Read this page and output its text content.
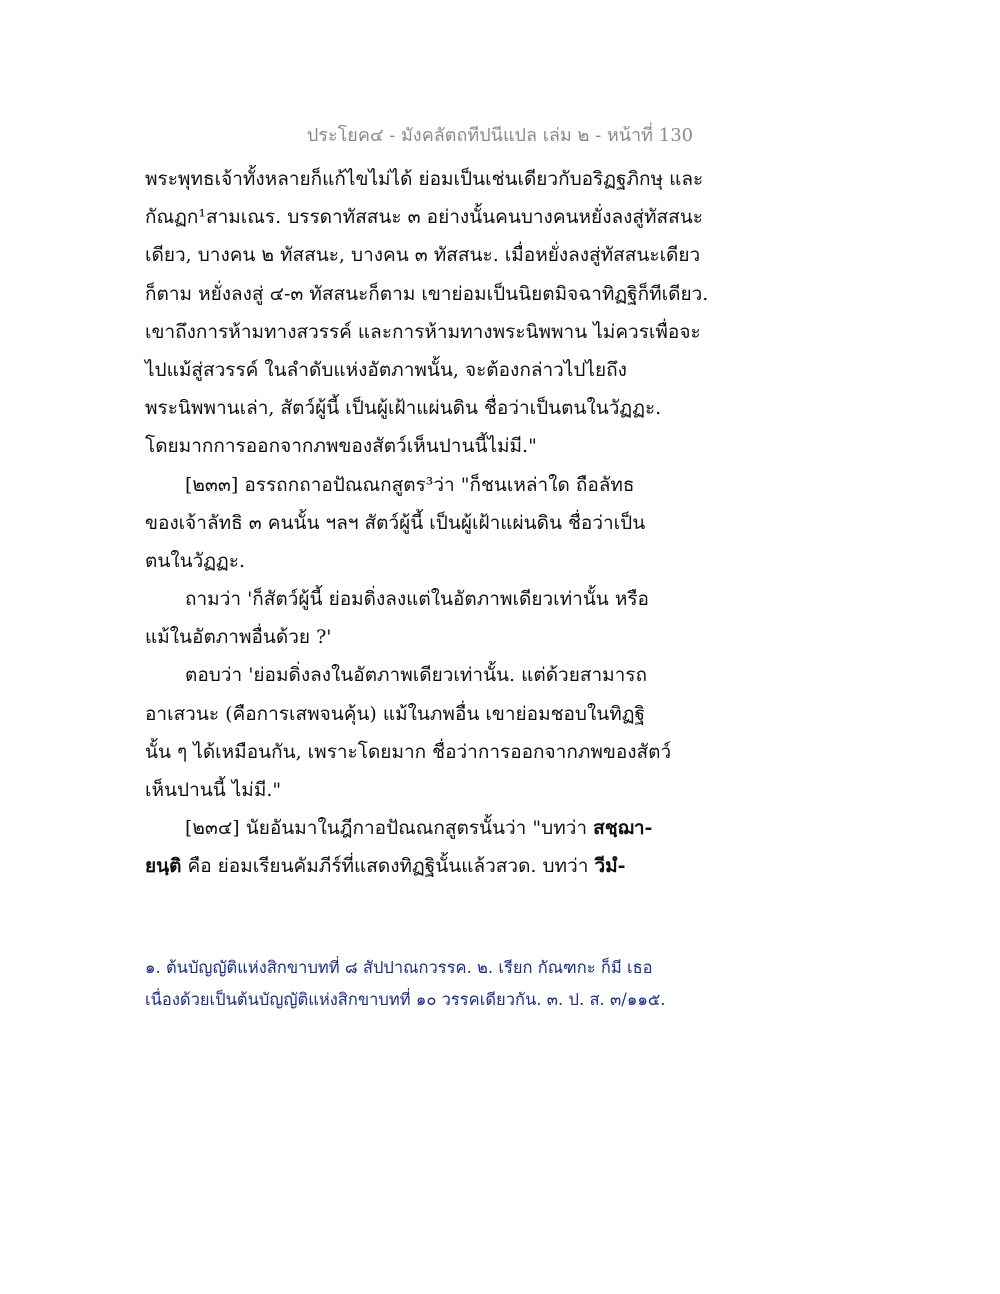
ประโยค๔ - มังคลัตถทีปนีแปล เล่ม ๒ - หน้าที่ 130
พระพุทธเจ้าทั้งหลายก็แก้ไขไม่ได้ ย่อมเป็นเช่นเดียวกับอริฏฐภิกษุ และ
กัณฏก¹สามเณร. บรรดาทัสสนะ ๓ อย่างนั้นคนบางคนหยั่งลงสู่ทัสสนะ
เดียว, บางคน ๒ ทัสสนะ, บางคน ๓ ทัสสนะ. เมื่อหยั่งลงสู่ทัสสนะเดียว
ก็ตาม หยั่งลงสู่ ๔-๓ ทัสสนะก็ตาม เขาย่อมเป็นนิยตมิจฉาทิฏฐิก็ทีเดียว.
เขาถึงการห้ามทางสวรรค์ และการห้ามทางพระนิพพาน ไม่ควรเพื่อจะ
ไปแม้สู่สวรรค์ ในลำดับแห่งอัตภาพนั้น, จะต้องกล่าวไปไยถึง
พระนิพพานเล่า, สัตว์ผู้นี้ เป็นผู้เฝ้าแผ่นดิน ชื่อว่าเป็นตนในวัฏฏะ.
โดยมากการออกจากภพของสัตว์เห็นปานนี้ไม่มี."
[๒๓๓] อรรถกถาอปัณณกสูตร³ว่า "ก็ชนเหล่าใด ถือลัทธ
ของเจ้าลัทธิ ๓ คนนั้น ฯลฯ สัตว์ผู้นี้ เป็นผู้เฝ้าแผ่นดิน ชื่อว่าเป็น
ตนในวัฏฏะ.
ถามว่า 'ก็สัตว์ผู้นี้ ย่อมดิ่งลงแต่ในอัตภาพเดียวเท่านั้น หรือ
แม้ในอัตภาพอื่นด้วย ?'
ตอบว่า 'ย่อมดิ่งลงในอัตภาพเดียวเท่านั้น. แต่ด้วยสามารถ
อาเสวนะ (คือการเสพจนคุ้น) แม้ในภพอื่น เขาย่อมชอบในทิฏฐิ
นั้น ๆ ได้เหมือนกัน, เพราะโดยมาก ชื่อว่าการออกจากภพของสัตว์
เห็นปานนี้ ไม่มี."
[๒๓๔] นัยอันมาในฎีกาอปัณณกสูตรนั้นว่า "บทว่า สชฺฌา-
ยนฺติ คือ ย่อมเรียนคัมภีร์ที่แสดงทิฏฐินั้นแล้วสวด. บทว่า วีมํ-
๑. ต้นบัญญัติแห่งสิกขาบทที่ ๘ สัปปาณกวรรค. ๒. เรียก กัณฑกะ ก็มี เธอ
เนื่องด้วยเป็นต้นบัญญัติแห่งสิกขาบทที่ ๑๐ วรรคเดียวกัน. ๓. ป. ส. ๓/๑๑๕.
